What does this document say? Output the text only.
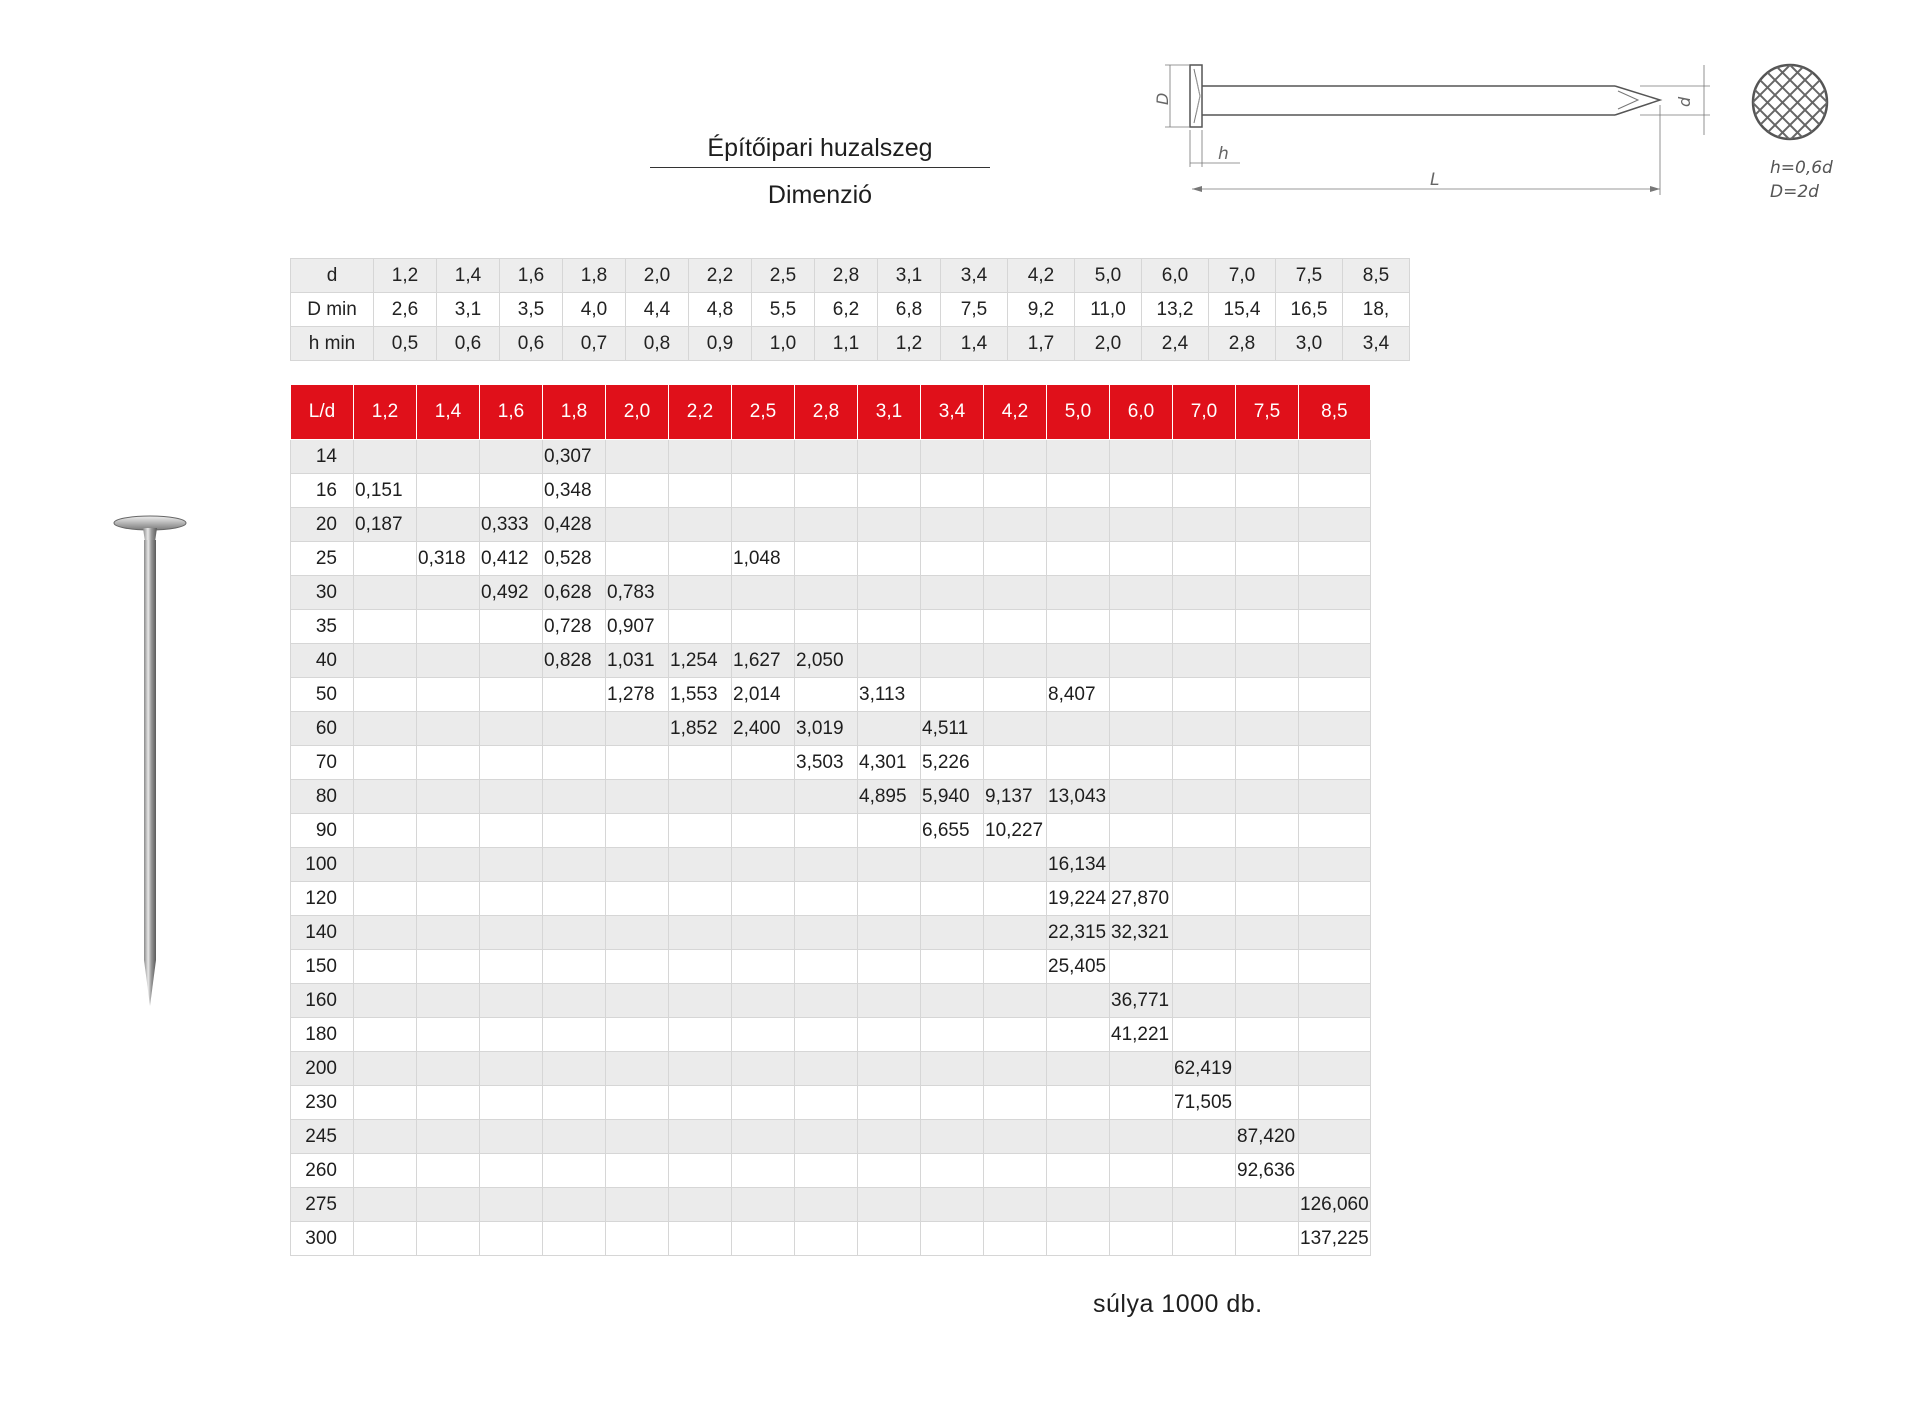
Építőipari huzalszeg
Dimenzió
d
D
h
L
h=0,6d
D=2d
d	1,2	1,4	1,6	1,8	2,0	2,2	2,5	2,8	3,1	3,4	4,2	5,0	6,0	7,0	7,5	8,5
D min	2,6	3,1	3,5	4,0	4,4	4,8	5,5	6,2	6,8	7,5	9,2	11,0	13,2	15,4	16,5	18,
h min	0,5	0,6	0,6	0,7	0,8	0,9	1,0	1,1	1,2	1,4	1,7	2,0	2,4	2,8	3,0	3,4
L/d	1,2	1,4	1,6	1,8	2,0	2,2	2,5	2,8	3,1	3,4	4,2	5,0	6,0	7,0	7,5	8,5
14				0,307												
16	0,151			0,348												
20	0,187		0,333	0,428												
25		0,318	0,412	0,528			1,048									
30			0,492	0,628	0,783											
35				0,728	0,907											
40				0,828	1,031	1,254	1,627	2,050								
50					1,278	1,553	2,014		3,113			8,407				
60						1,852	2,400	3,019		4,511						
70								3,503	4,301	5,226						
80									4,895	5,940	9,137	13,043				
90										6,655	10,227					
100												16,134				
120												19,224	27,870			
140												22,315	32,321			
150												25,405				
160													36,771			
180													41,221			
200														62,419		
230														71,505		
245															87,420	
260															92,636	
275																126,060
300																137,225
súlya 1000 db.
